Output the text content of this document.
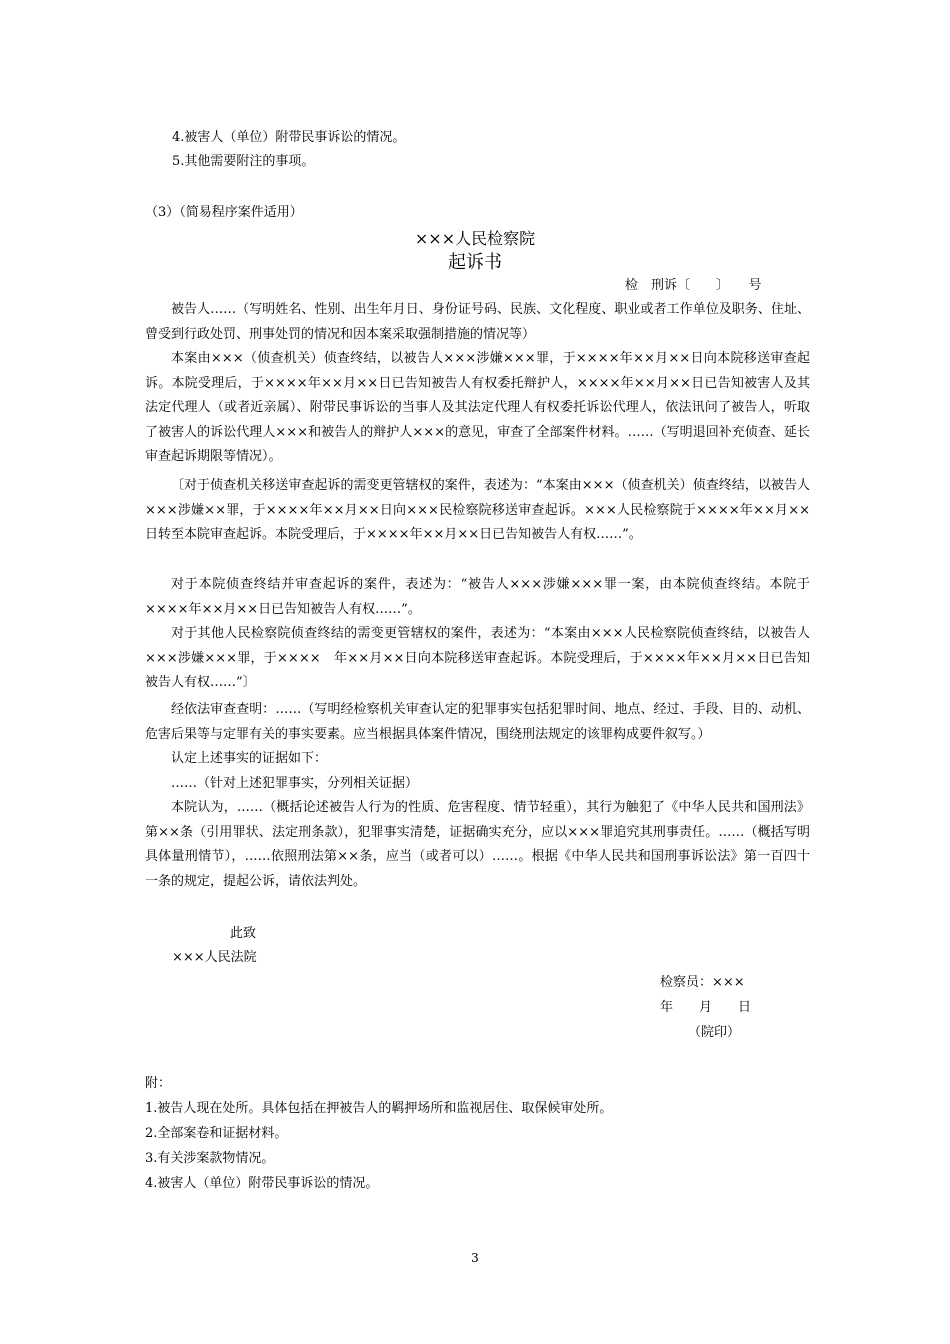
4.被害人（单位）附带民事诉讼的情况。
5.其他需要附注的事项。
（3）（简易程序案件适用）
×××人民检察院
起诉书
检　刑诉〔　　〕　　号

被告人……（写明姓名、性别、出生年月日、身份证号码、民族、文化程度、职业或者工作单位及职务、住址、曾受到行政处罚、刑事处罚的情况和因本案采取强制措施的情况等）

本案由×××（侦查机关）侦查终结，以被告人×××涉嫌×××罪，于××××年××月××日向本院移送审查起诉。本院受理后，于××××年××月××日已告知被告人有权委托辩护人，××××年××月××日已告知被害人及其法定代理人（或者近亲属）、附带民事诉讼的当事人及其法定代理人有权委托诉讼代理人，依法讯问了被告人，听取了被害人的诉讼代理人×××和被告人的辩护人×××的意见，审查了全部案件材料。……（写明退回补充侦查、延长审查起诉期限等情况）。

〔对于侦查机关移送审查起诉的需变更管辖权的案件，表述为：“本案由×××（侦查机关）侦查终结，以被告人×××涉嫌××罪，于××××年××月××日向×××民检察院移送审查起诉。×××人民检察院于××××年××月××日转至本院审查起诉。本院受理后，于××××年××月××日已告知被告人有权……”。

对于本院侦查终结并审查起诉的案件，表述为：“被告人×××涉嫌×××罪一案，由本院侦查终结。本院于××××年××月××日已告知被告人有权……”。

对于其他人民检察院侦查终结的需变更管辖权的案件，表述为：“本案由×××人民检察院侦查终结，以被告人×××涉嫌×××罪，于××××　年××月××日向本院移送审查起诉。本院受理后，于××××年××月××日已告知被告人有权……”〕

经依法审查查明：……（写明经检察机关审查认定的犯罪事实包括犯罪时间、地点、经过、手段、目的、动机、危害后果等与定罪有关的事实要素。应当根据具体案件情况，围绕刑法规定的该罪构成要件叙写。）

认定上述事实的证据如下：

……（针对上述犯罪事实，分列相关证据）

本院认为，……（概括论述被告人行为的性质、危害程度、情节轻重），其行为触犯了《中华人民共和国刑法》第××条（引用罪状、法定刑条款），犯罪事实清楚，证据确实充分，应以×××罪追究其刑事责任。……（概括写明具体量刑情节），……依照刑法第××条，应当（或者可以）……。根据《中华人民共和国刑事诉讼法》第一百四十一条的规定，提起公诉，请依法判处。

此致
×××人民法院
检察员：×××
年　　月　　日
（院印）
附：
1.被告人现在处所。具体包括在押被告人的羁押场所和监视居住、取保候审处所。
2.全部案卷和证据材料。
3.有关涉案款物情况。
4.被害人（单位）附带民事诉讼的情况。
3
